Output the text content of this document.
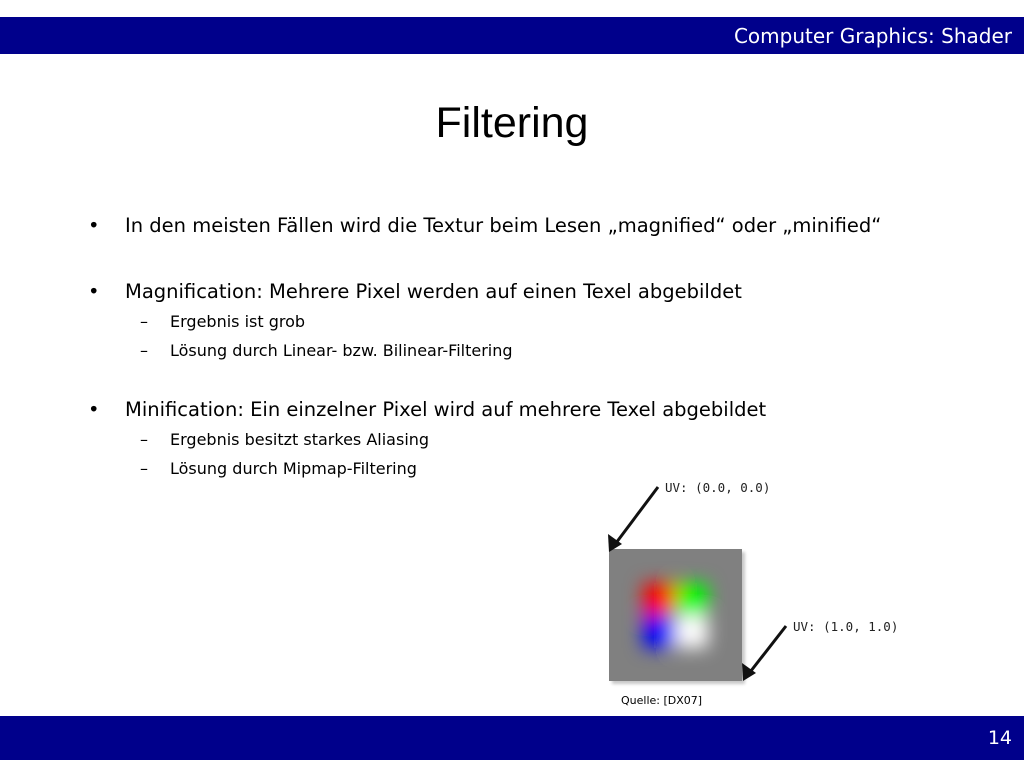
Computer Graphics: Shader
Filtering
• In den meisten Fällen wird die Textur beim Lesen „magnified“ oder „minified“
• Magnification: Mehrere Pixel werden auf einen Texel abgebildet
– Ergebnis ist grob
– Lösung durch Linear- bzw. Bilinear-Filtering
• Minification: Ein einzelner Pixel wird auf mehrere Texel abgebildet
– Ergebnis besitzt starkes Aliasing
– Lösung durch Mipmap-Filtering
UV: (0.0, 0.0)
UV: (1.0, 1.0)
Quelle: [DX07]
14
